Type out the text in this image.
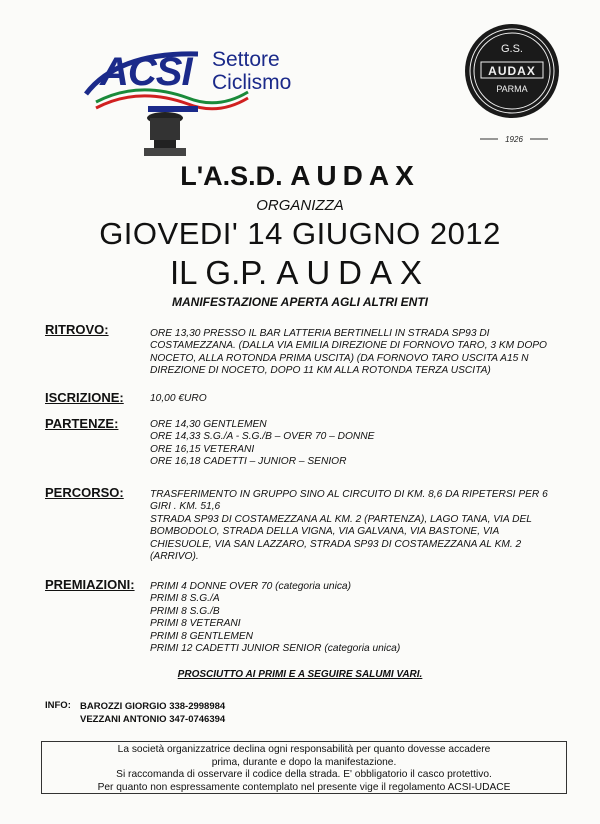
ACSI Settore
Ciclismo
G.S.
AUDAX
PARMA
1926
L'A.S.D. AUDAX
ORGANIZZA
GIOVEDI' 14 GIUGNO 2012
IL G.P. AUDAX
MANIFESTAZIONE APERTA AGLI ALTRI ENTI
RITROVO:	ORE 13,30 PRESSO IL BAR LATTERIA BERTINELLI IN STRADA SP93 DI
COSTAMEZZANA. (DALLA VIA EMILIA DIREZIONE DI FORNOVO TARO, 3 KM DOPO
NOCETO, ALLA ROTONDA PRIMA USCITA) (DA FORNOVO TARO USCITA A15 N
DIREZIONE DI NOCETO, DOPO 11 KM ALLA ROTONDA TERZA USCITA)
ISCRIZIONE:	10,00 €URO
PARTENZE:	ORE 14,30 GENTLEMEN
ORE 14,33 S.G./A - S.G./B – OVER 70 – DONNE
ORE 16,15 VETERANI
ORE 16,18 CADETTI – JUNIOR – SENIOR
PERCORSO:	TRASFERIMENTO IN GRUPPO SINO AL CIRCUITO DI KM. 8,6 DA RIPETERSI PER 6
GIRI . KM. 51,6
STRADA SP93 DI COSTAMEZZANA AL KM. 2 (PARTENZA), LAGO TANA, VIA DEL
BOMBODOLO, STRADA DELLA VIGNA, VIA GALVANA, VIA BASTONE, VIA
CHIESUOLE, VIA SAN LAZZARO, STRADA SP93 DI COSTAMEZZANA AL KM. 2
(ARRIVO).
PREMIAZIONI: PRIMI 4 DONNE OVER 70 (categoria unica)
PRIMI 8 S.G./A
PRIMI 8 S.G./B
PRIMI 8 VETERANI
PRIMI 8 GENTLEMEN
PRIMI 12 CADETTI JUNIOR SENIOR (categoria unica)
PROSCIUTTO AI PRIMI E A SEGUIRE SALUMI VARI.
INFO: BAROZZI GIORGIO 338-2998984
VEZZANI ANTONIO 347-0746394
La società organizzatrice declina ogni responsabilità per quanto dovesse accadere
prima, durante e dopo la manifestazione.
Si raccomanda di osservare il codice della strada. E' obbligatorio il casco protettivo.
Per quanto non espressamente contemplato nel presente vige il regolamento ACSI-UDACE
